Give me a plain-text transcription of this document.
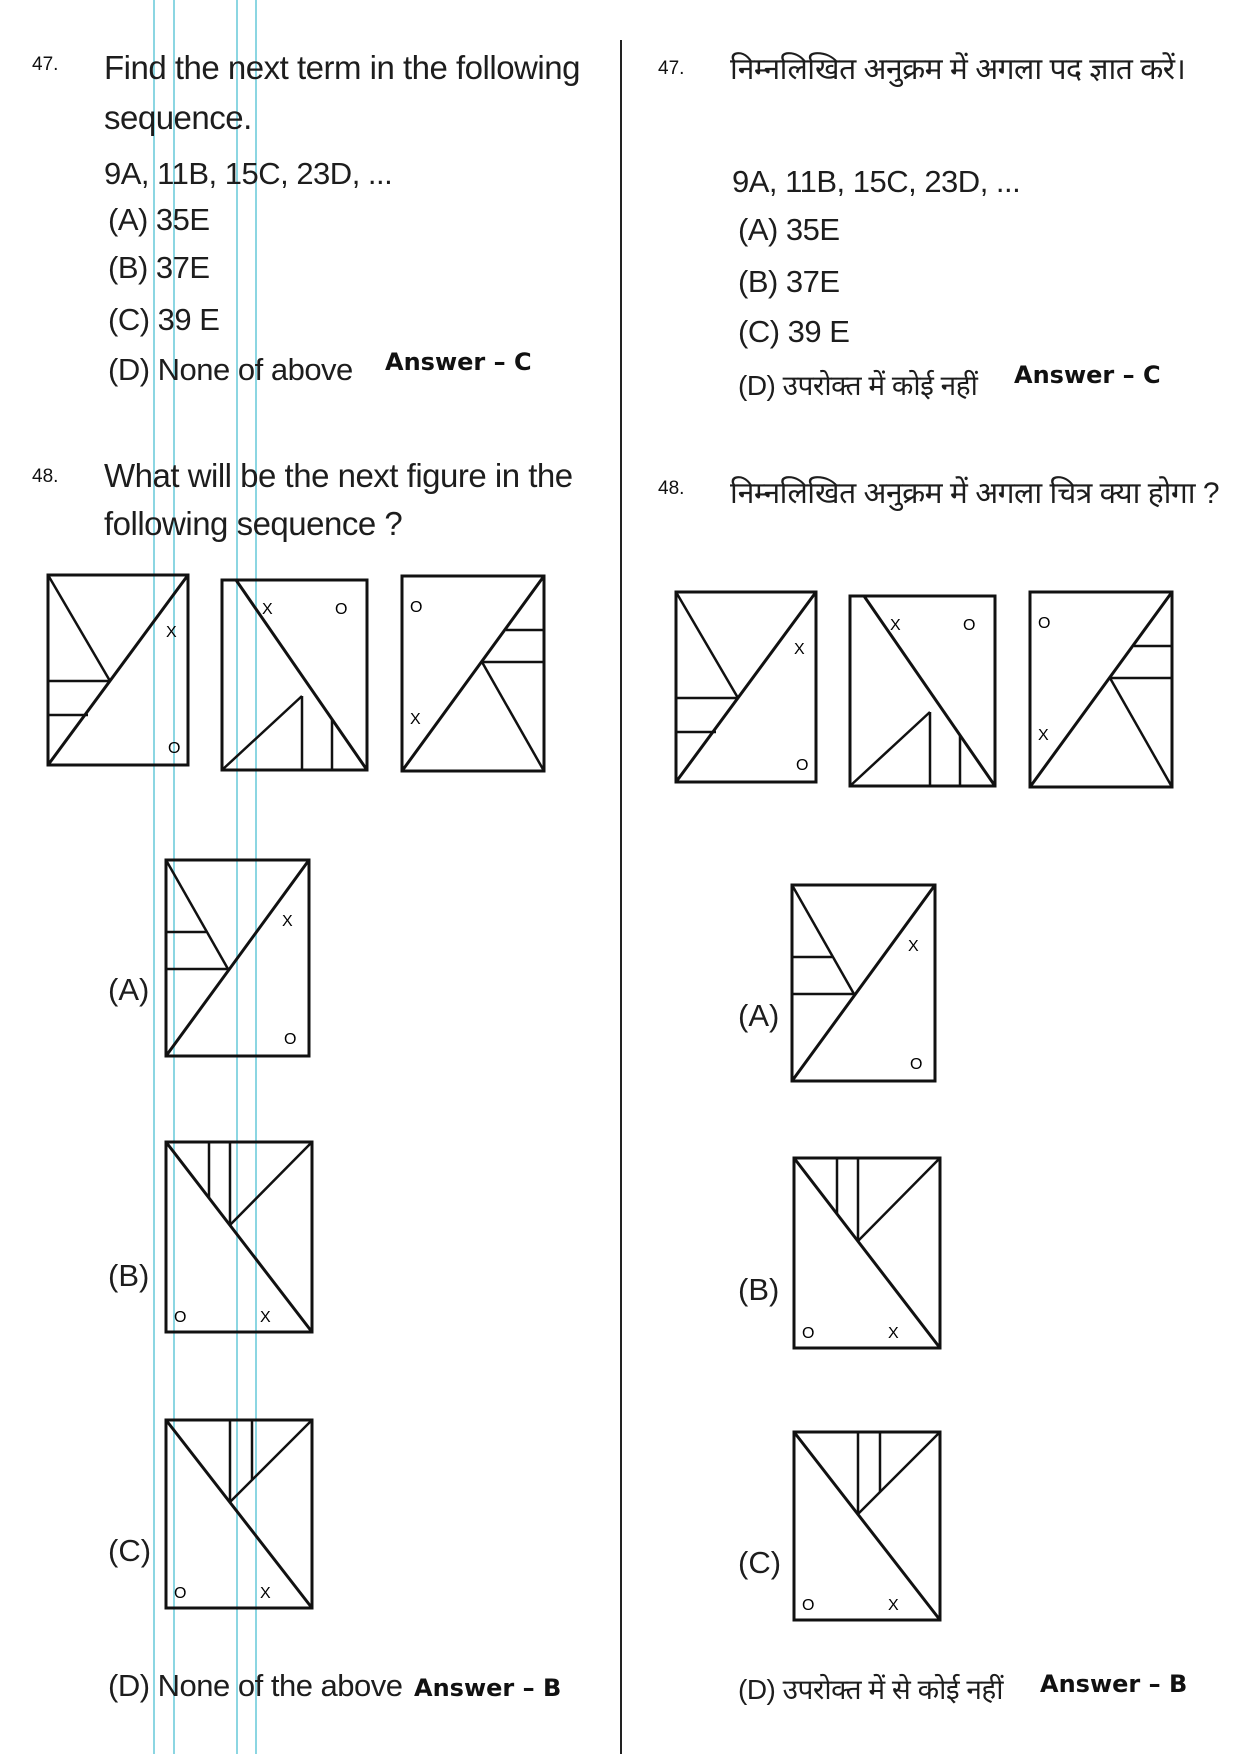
47. Find the next term in the following
sequence.
9A, 11B, 15C, 23D, ...
(A) 35E
(B) 37E
(C) 39 E
(D) None of above Answer – C
48. What will be the next figure in the
following sequence ?
(A)
(B)
(C)
(D) None of the above Answer – B
47. निम्नलिखित अनुक्रम में अगला पद ज्ञात करें।
9A, 11B, 15C, 23D, ...
(A) 35E
(B) 37E
(C) 39 E
(D) उपरोक्त में कोई नहीं Answer – C
48. निम्नलिखित अनुक्रम में अगला चित्र क्या होगा ?
(A)
(B)
(C)
(D) उपरोक्त में से कोई नहीं Answer – B
